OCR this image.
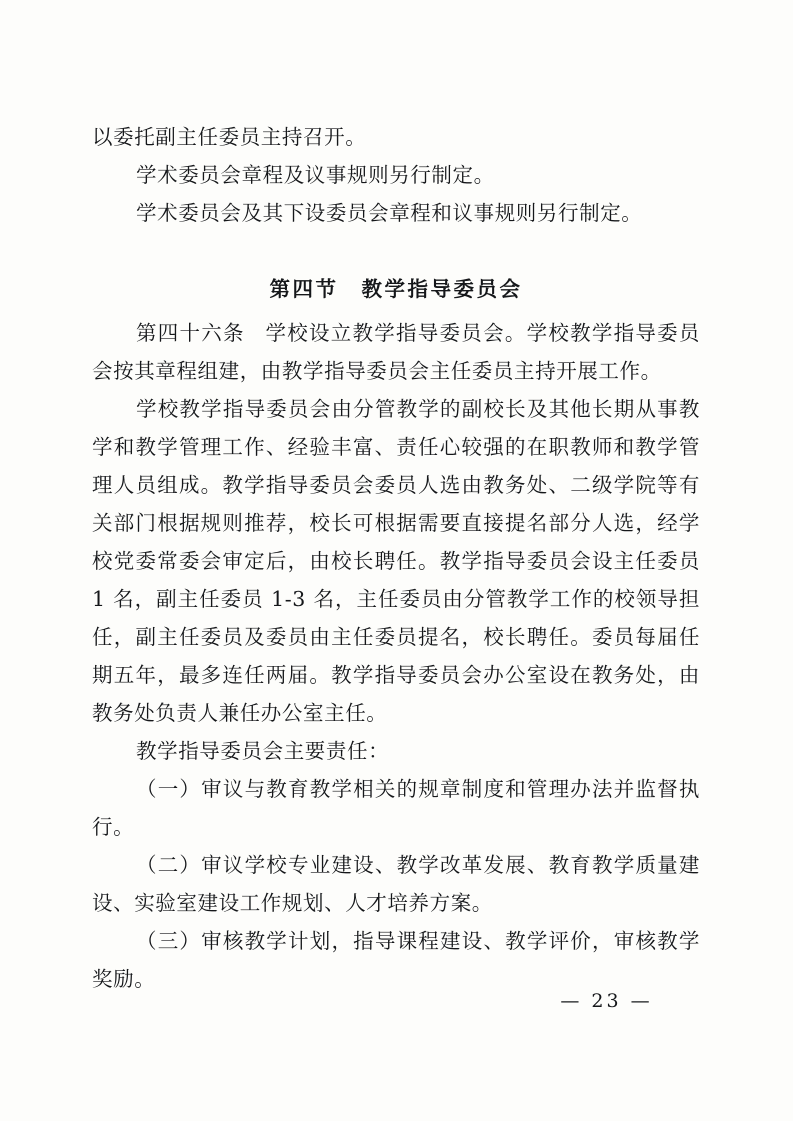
以委托副主任委员主持召开。

学术委员会章程及议事规则另行制定。

学术委员会及其下设委员会章程和议事规则另行制定。

第四节　教学指导委员会

第四十六条 学校设立教学指导委员会。学校教学指导委员会按其章程组建，由教学指导委员会主任委员主持开展工作。

学校教学指导委员会由分管教学的副校长及其他长期从事教学和教学管理工作、经验丰富、责任心较强的在职教师和教学管理人员组成。教学指导委员会委员人选由教务处、二级学院等有关部门根据规则推荐，校长可根据需要直接提名部分人选，经学校党委常委会审定后，由校长聘任。教学指导委员会设主任委员 1 名，副主任委员 1-3 名，主任委员由分管教学工作的校领导担任，副主任委员及委员由主任委员提名，校长聘任。委员每届任期五年，最多连任两届。教学指导委员会办公室设在教务处，由教务处负责人兼任办公室主任。

教学指导委员会主要责任：

（一）审议与教育教学相关的规章制度和管理办法并监督执行。

（二）审议学校专业建设、教学改革发展、教育教学质量建设、实验室建设工作规划、人才培养方案。

（三）审核教学计划，指导课程建设、教学评价，审核教学奖励。

— 23 —
